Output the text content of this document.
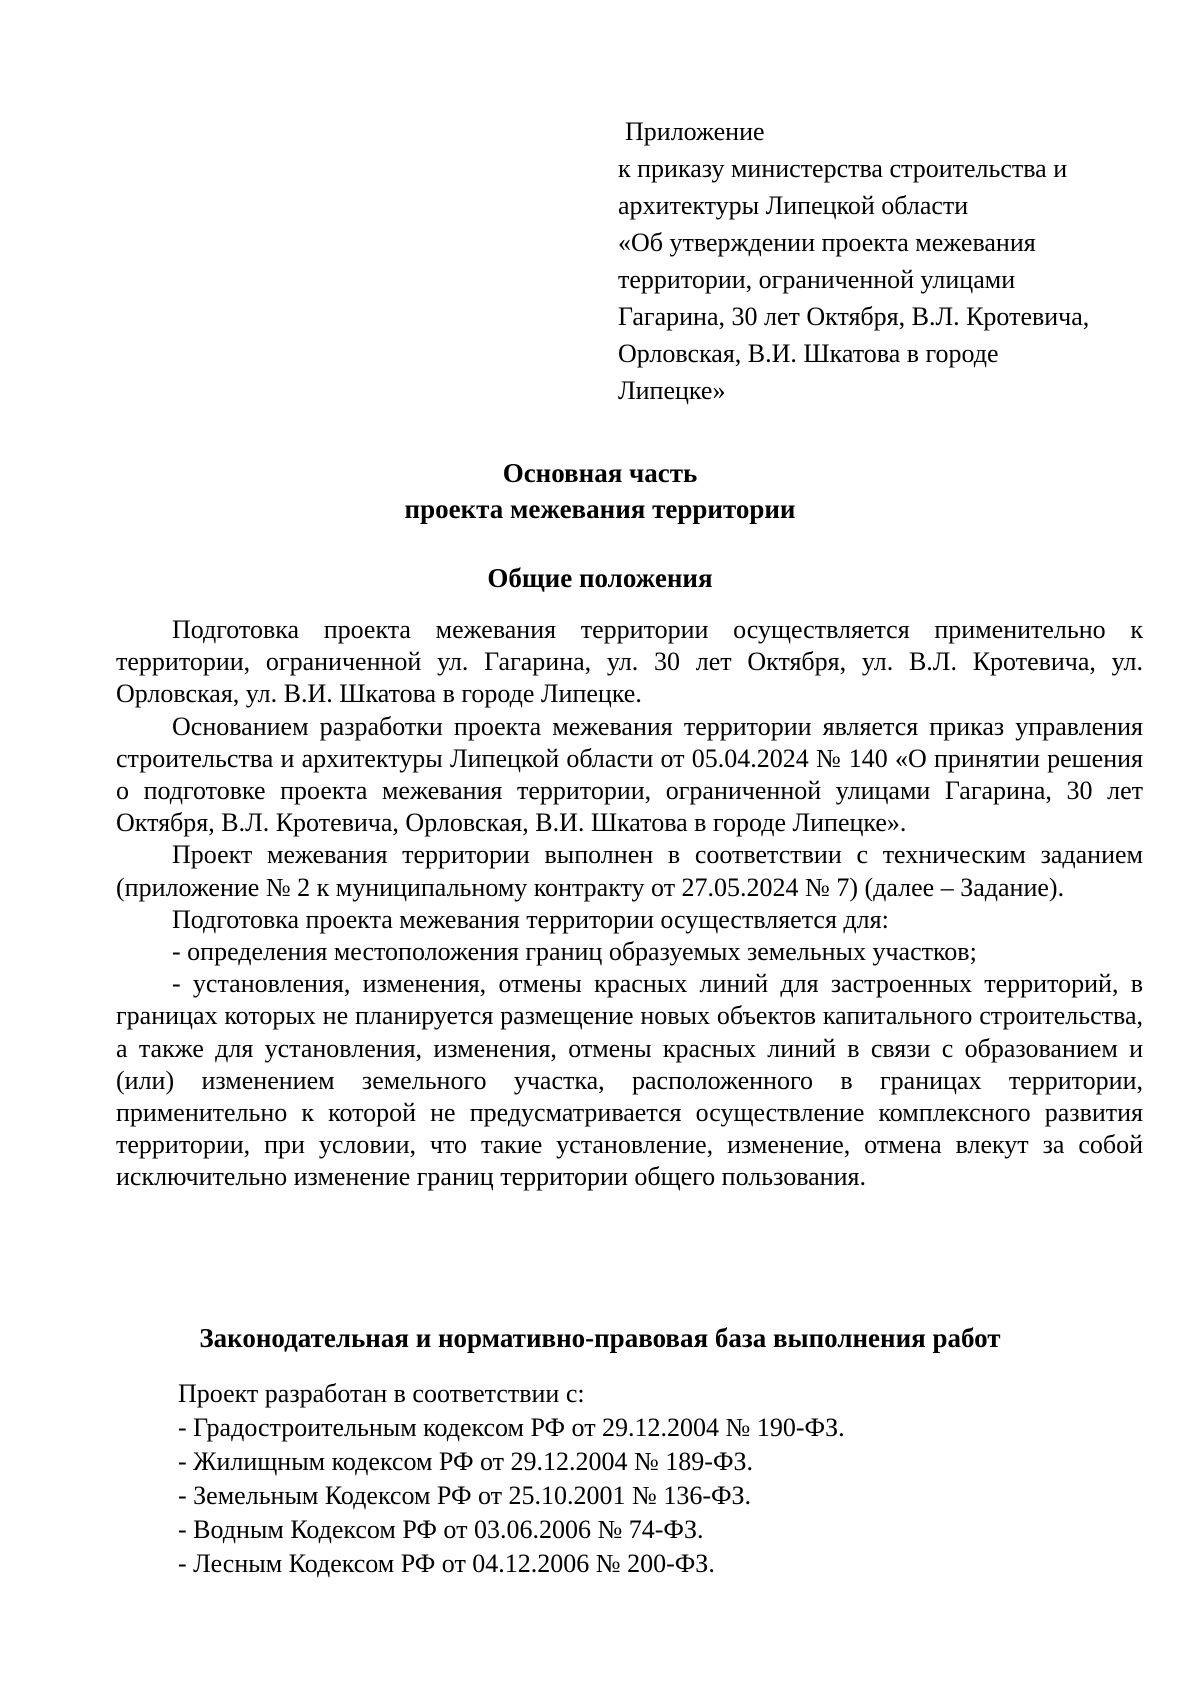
Приложение
к приказу министерства строительства и
архитектуры Липецкой области
«Об утверждении проекта межевания
территории, ограниченной улицами
Гагарина, 30 лет Октября, В.Л. Кротевича,
Орловская, В.И. Шкатова в городе
Липецке»
Основная часть
проекта межевания территории
Общие положения

Подготовка проекта межевания территории осуществляется применительно к территории, ограниченной ул. Гагарина, ул. 30 лет Октября, ул. В.Л. Кротевича, ул. Орловская, ул. В.И. Шкатова в городе Липецке.

Основанием разработки проекта межевания территории является приказ управления строительства и архитектуры Липецкой области от 05.04.2024 № 140 «О принятии решения о подготовке проекта межевания территории, ограниченной улицами Гагарина, 30 лет Октября, В.Л. Кротевича, Орловская, В.И. Шкатова в городе Липецке».

Проект межевания территории выполнен в соответствии с техническим заданием (приложение № 2 к муниципальному контракту от 27.05.2024 № 7) (далее – Задание).

Подготовка проекта межевания территории осуществляется для:

- определения местоположения границ образуемых земельных участков;

- установления, изменения, отмены красных линий для застроенных территорий, в границах которых не планируется размещение новых объектов капитального строительства, а также для установления, изменения, отмены красных линий в связи с образованием и (или) изменением земельного участка, расположенного в границах территории, применительно к которой не предусматривается осуществление комплексного развития территории, при условии, что такие установление, изменение, отмена влекут за собой исключительно изменение границ территории общего пользования.

Законодательная и нормативно-правовая база выполнения работ
Проект разработан в соответствии с:
- Градостроительным кодексом РФ от 29.12.2004 № 190-ФЗ.
- Жилищным кодексом РФ от 29.12.2004 № 189-ФЗ.
- Земельным Кодексом РФ от 25.10.2001 № 136-ФЗ.
- Водным Кодексом РФ от 03.06.2006 № 74-ФЗ.
- Лесным Кодексом РФ от 04.12.2006 № 200-ФЗ.
